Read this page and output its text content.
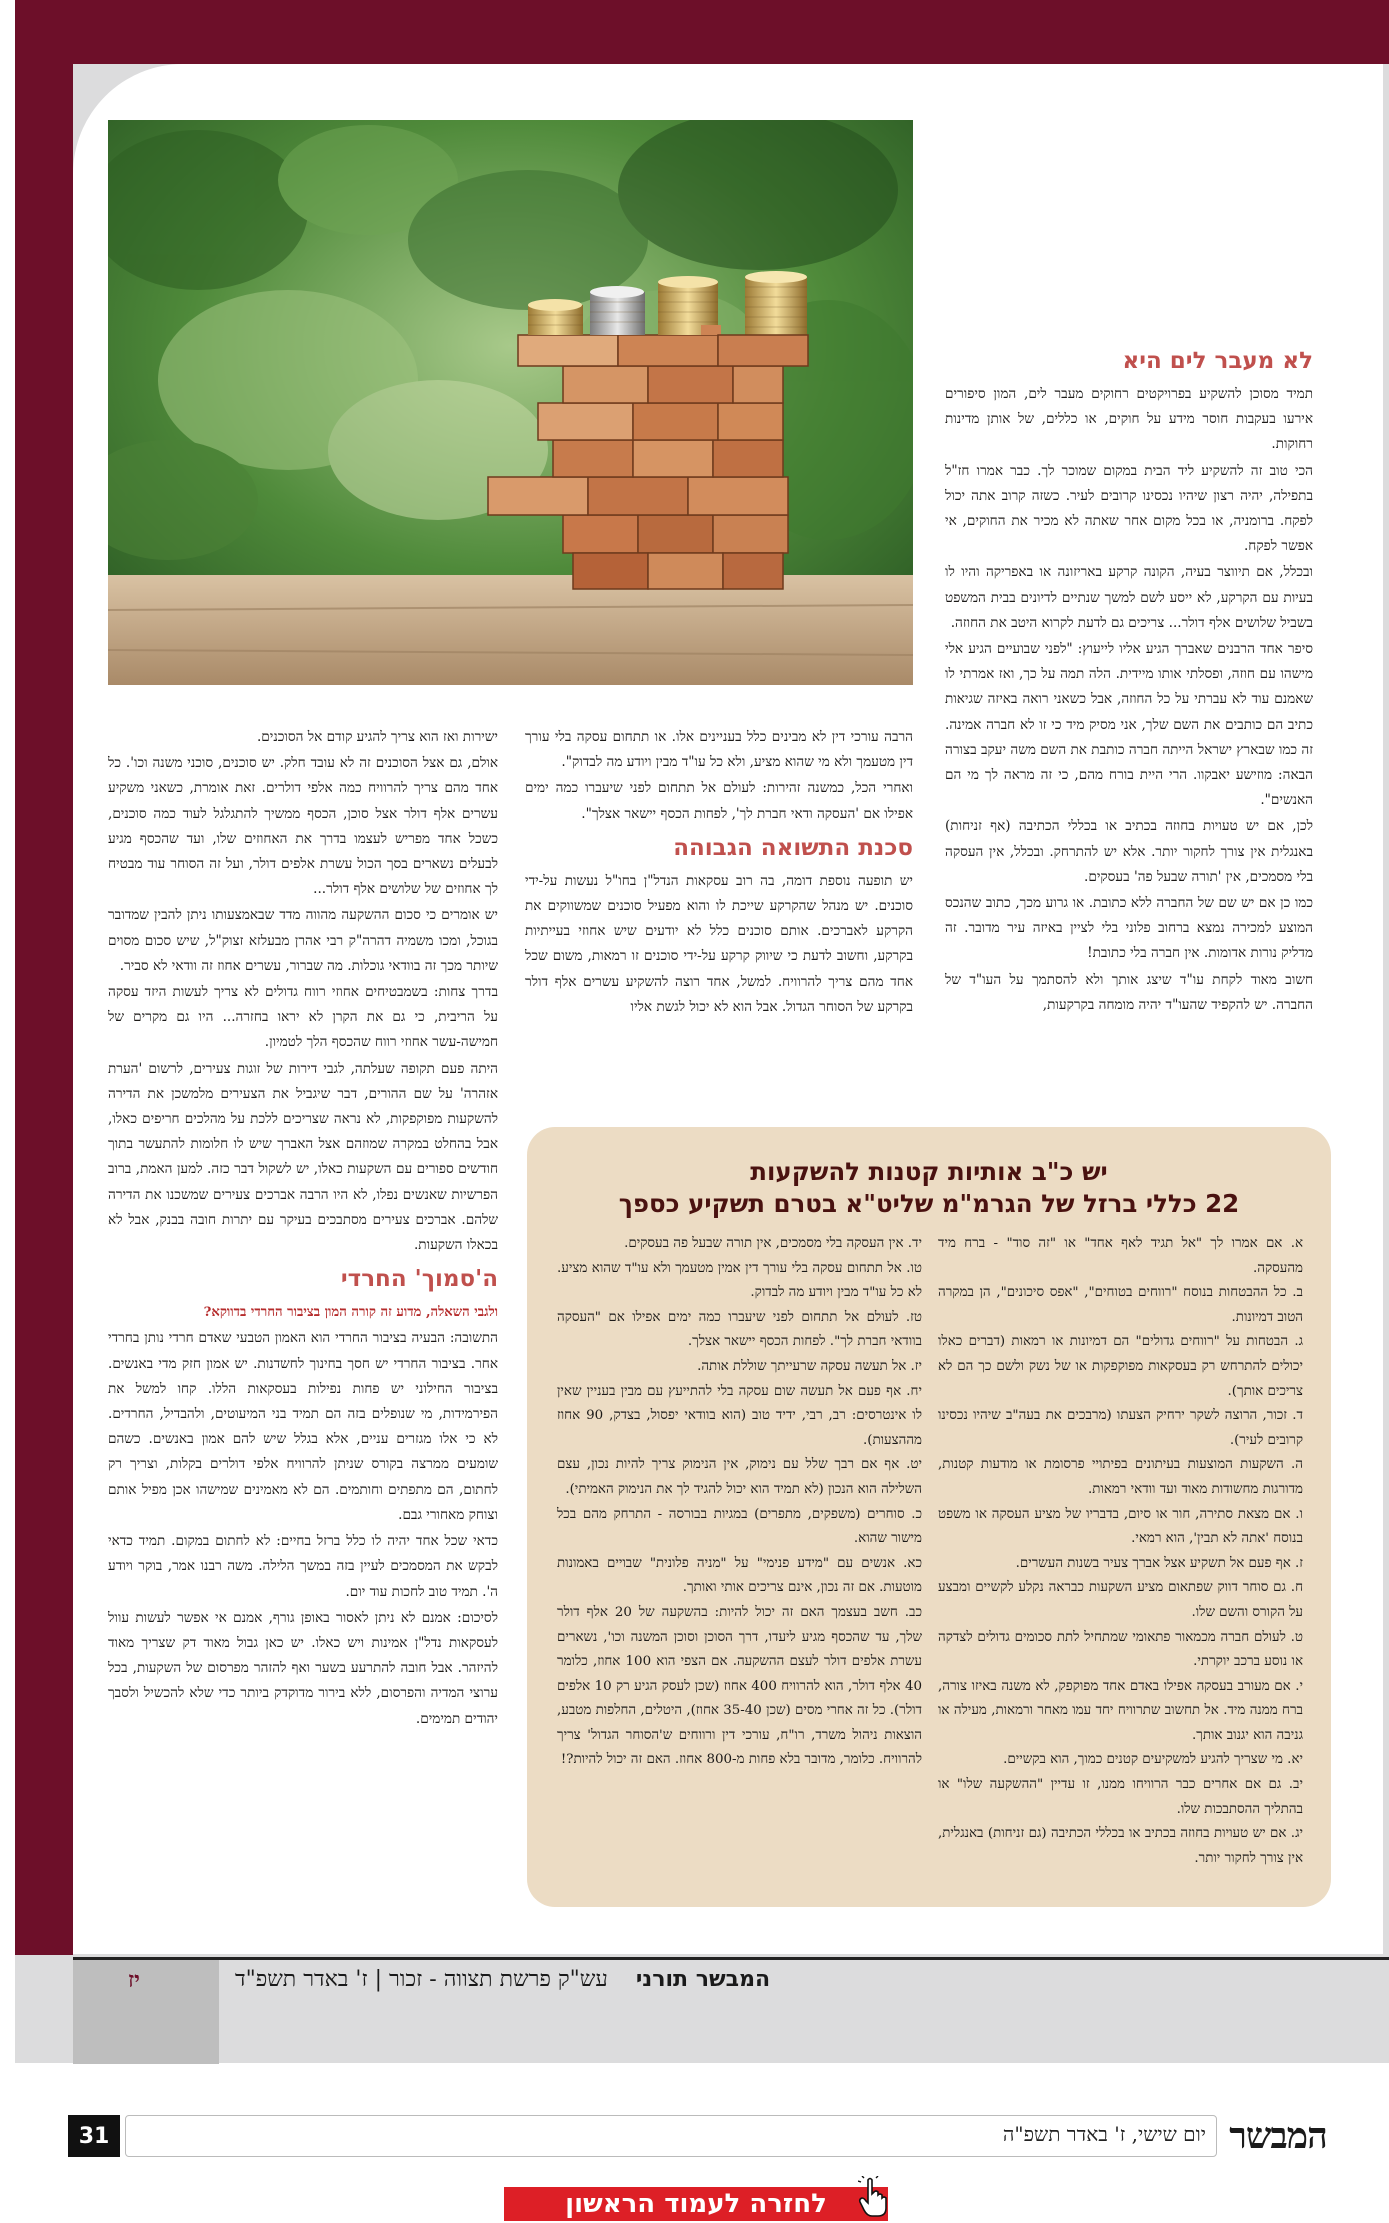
לא מעבר לים היא

תמיד מסוכן להשקיע בפרויקטים רחוקים מעבר לים, המון סיפורים אירעו בעקבות חוסר מידע על חוקים, או כללים, של אותן מדינות רחוקות.

הכי טוב זה להשקיע ליד הבית במקום שמוכר לך. כבר אמרו חז"ל בתפילה, יהיה רצון שיהיו נכסינו קרובים לעיר. כשזה קרוב אתה יכול לפקח. ברומניה, או בכל מקום אחר שאתה לא מכיר את החוקים, אי אפשר לפקח.

ובכלל, אם תיווצר בעיה, הקונה קרקע באריזונה או באפריקה והיו לו בעיות עם הקרקע, לא ייסע לשם למשך שנתיים לדיונים בבית המשפט בשביל שלושים אלף דולר... צריכים גם לדעת לקרוא היטב את החוזה.

סיפר אחד הרבנים שאברך הגיע אליו לייעוץ: "לפני שבועיים הגיע אלי מישהו עם חוזה, ופסלתי אותו מיידית. הלה תמה על כך, ואז אמרתי לו שאמנם עוד לא עברתי על כל החוזה, אבל כשאני רואה באיזה שגיאות כתיב הם כותבים את השם שלך, אני מסיק מיד כי זו לא חברה אמינה. זה כמו שבארץ ישראל הייתה חברה כותבת את השם משה יעקב בצורה הבאה: מוזישע יאבקוו. הרי היית בורח מהם, כי זה מראה לך מי הם האנשים".

לכן, אם יש טעויות בחוזה בכתיב או בכללי הכתיבה (אף זניחות) באנגלית אין צורך לחקור יותר. אלא יש להתרחק. ובכלל, אין העסקה בלי מסמכים, אין 'תורה שבעל פה' בעסקים.

כמו כן אם יש שם של החברה ללא כתובת. או גרוע מכך, כתוב שהנכס המוצע למכירה נמצא ברחוב פלוני בלי לציין באיזה עיר מדובר. זה מדליק נורות אדומות. אין חברה בלי כתובת!

חשוב מאוד לקחת עו"ד שיצג אותך ולא להסתמך על העו"ד של החברה. יש להקפיד שהעו"ד יהיה מומחה בקרקעות,

הרבה עורכי דין לא מבינים כלל בעניינים אלו. או תתחום עסקה בלי עורך דין מטעמך ולא מי שהוא מציע, ולא כל עו"ד מבין ויודע מה לבדוק".

ואחרי הכל, כמשנה זהירות: לעולם אל תתחום לפני שיעברו כמה ימים אפילו אם 'העסקה ודאי חברת לך', לפחות הכסף יישאר אצלך".

סכנת התשואה הגבוהה

יש תופעה נוספת דומה, בה רוב עסקאות הנדל"ן בחו"ל נעשות על-ידי סוכנים. יש מנהל שהקרקע שייכת לו והוא מפעיל סוכנים שמשווקים את הקרקע לאברכים. אותם סוכנים כלל לא יודעים שיש אחוזי בעייתיות בקרקע, וחשוב לדעת כי שיווק קרקע על-ידי סוכנים זו רמאות, משום שכל אחד מהם צריך להרוויח. למשל, אחד רוצה להשקיע עשרים אלף דולר בקרקע של הסוחר הגדול. אבל הוא לא יכול לגשת אליו

ישירות ואז הוא צריך להגיע קודם אל הסוכנים.

אולם, גם אצל הסוכנים זה לא עובד חלק. יש סוכנים, סוכני משנה וכו'. כל אחד מהם צריך להרוויח כמה אלפי דולרים. זאת אומרת, כשאני משקיע עשרים אלף דולר אצל סוכן, הכסף ממשיך להתגלגל לעוד כמה סוכנים, כשכל אחד מפריש לעצמו בדרך את האחוזים שלו, ועד שהכסף מגיע לבעלים נשארים בסך הכול עשרת אלפים דולר, ועל זה הסוחר עוד מבטיח לך אחוזים של שלושים אלף דולר...

יש אומרים כי סכום ההשקעה מהווה מדד שבאמצעותו ניתן להבין שמדובר בגוכל, ומכו משמיה דהרה"ק רבי אהרן מבעלזא זצוק"ל, שיש סכום מסוים שיותר מכך זה בוודאי גוכלות. מה שברור, עשרים אחוז זה וודאי לא סביר.

בדרך צחות: בשמבטיחים אחוזי רווח גדולים לא צריך לעשות היזד עסקה על הריבית, כי גם את הקרן לא יראו בחזרה... היו גם מקרים של חמישה-עשר אחוזי רווח שהכסף הלך לטמיון.

היתה פעם תקופה שעלתה, לגבי דירות של זוגות צעירים, לרשום 'הערת אזהרה' על שם ההורים, דבר שיגביל את הצעירים מלמשכן את הדירה להשקעות מפוקפקות, לא נראה שצריכים ללכת על מהלכים חריפים כאלו, אבל בהחלט במקרה שמוזהם אצל האברך שיש לו חלומות להתעשר בתוך חודשים ספורים עם השקעות כאלו, יש לשקול דבר כזה. למען האמת, ברוב הפרשיות שאנשים נפלו, לא היו הרבה אברכים צעירים שמשכנו את הדירה שלהם. אברכים צעירים מסתבכים בעיקר עם יתרות חובה בבנק, אבל לא בכאלו השקעות.

ה'סמוך' החרדי

ולגבי השאלה, מדוע זה קורה המון בציבור החרדי בדווקא?

התשובה: הבעיה בציבור החרדי הוא האמון הטבעי שאדם חרדי נותן בחרדי אחר. בציבור החרדי יש חסך בחינוך לחשדנות. יש אמון חזק מדי באנשים. בציבור החילוני יש פחות נפילות בעסקאות הללו. קחו למשל את הפירמידות, מי שנופלים בזה הם תמיד בני המיעוטים, ולהבדיל, החרדים. לא כי אלו מגזרים עניים, אלא בגלל שיש להם אמון באנשים. כשהם שומעים ממרצה בקורס שניתן להרוויח אלפי דולרים בקלות, וצריך רק לחתום, הם מתפתים וחותמים. הם לא מאמינים שמישהו אכן מפיל אותם וצוחק מאחורי גבם.

כדאי שכל אחד יהיה לו כלל ברזל בחיים: לא לחתום במקום. תמיד כדאי לבקש את המסמכים לעיין בזה במשך הלילה. משה רבנו אמר, בוקר ויודע ה'. תמיד טוב לחכות עוד יום.

לסיכום: אמנם לא ניתן לאסור באופן גורף, אמנם אי אפשר לעשות עוול לעסקאות נדל"ן אמינות ויש כאלו. יש כאן גבול מאוד דק שצריך מאוד להיזהר. אבל חובה להתרעע בשער ואף להזהר מפרסום של השקעות, בכל ערוצי המדיה והפרסום, ללא בירור מדוקדק ביותר כדי שלא להכשיל ולסבך יהודים תמימים.

יש כ"ב אותיות קטנות להשקעות
22 כללי ברזל של הגרמ"מ שליט"א בטרם תשקיע כספך
א. אם אמרו לך "אל תגיד לאף אחד" או "זה סוד" - ברח מיד מהעסקה.
ב. כל ההבטחות בנוסח "רווחים בטוחים", "אפס סיכונים", הן במקרה הטוב דמיונות.
ג. הבטחות על "רווחים גדולים" הם דמיונות או רמאות (דברים כאלו יכולים להתרחש רק בעסקאות מפוקפקות או של נשק ולשם כך הם לא צריכים אותך).
ד. זכור, הרוצה לשקר ירחיק הצעתו (מרבכים את בעה"ב שיהיו נכסינו קרובים לעיר).
ה. השקעות המוצעות בעיתונים בפיתויי פרסומת או מודעות קטנות, מדורגות מחשודות מאוד ועד וודאי רמאות.
ו. אם מצאת סתירה, חור או סיום, בדבריו של מציע העסקה או משפט בנוסח 'אתה לא תבין', הוא רמאי.
ז. אף פעם אל תשקיע אצל אברך צעיר בשנות העשרים.
ח. גם סוחר דווק שפתאום מציע השקעות כבראה נקלע לקשיים ומבצע על הקורס והשם שלו.
ט. לעולם חברה מכמאור פתאומי שמתחיל לתת סכומים גדולים לצדקה או נוסע ברכב יוקרתי.
י. אם מעורב בעסקה אפילו באדם אחד מפוקפק, לא משנה באיזו צורה, ברח ממנה מיד. אל תחשוב שתרוויח יחד עמו מאחר ורמאות, מעילה או גניבה הוא יגנוב אותך.
יא. מי שצריך להגיע למשקיעים קטנים כמוך, הוא בקשיים.
יב. גם אם אחרים כבר הרוויחו ממנו, זו עדיין "ההשקעה שלו" או בהתליך ההסתבכות שלו.
יג. אם יש טעויות בחוזה בכתיב או בכללי הכתיבה (גם זניחות) באנגלית, אין צורך לחקור יותר.
יד. אין העסקה בלי מסמכים, אין תורה שבעל פה בעסקים.
טו. אל תתחום עסקה בלי עורך דין אמין מטעמך ולא עו"ד שהוא מציע. לא כל עו"ד מבין ויודע מה לבדוק.
טז. לעולם אל תתחום לפני שיעברו כמה ימים אפילו אם "העסקה בוודאי חברת לך". לפחות הכסף יישאר אצלך.
יז. אל תעשה עסקה שרעייתך שוללת אותה.
יח. אף פעם אל תעשה שום עסקה בלי להתייעץ עם מבין בעניין שאין לו אינטרסים: רב, רבי, ידיד טוב (הוא בוודאי יפסול, בצדק, 90 אחוז מההצעות).
יט. אף אם רבך שלל עם נימוק, אין הנימוק צריך להיות נכון, עצם השלילה הוא הנכון (לא תמיד הוא יכול להגיד לך את הנימוק האמיתי).
כ. סוחרים (משפקים, מתפרים) במגיות בבורסה - התרחק מהם בכל מישור שהוא.
כא. אנשים עם "מידע פנימי" על "מניה פלונית" שבויים באמונות מוטעות. אם זה נכון, אינם צריכים אותי ואותך.
כב. חשב בעצמך האם זה יכול להיות: בהשקעה של 20 אלף דולר שלך, עד שהכסף מגיע ליעדו, דרך הסוכן וסוכן המשנה וכו', נשארים עשרת אלפים דולר לעצם ההשקעה. אם הצפי הוא 100 אחוז, כלומר 40 אלף דולר, הוא להרוויח 400 אחוז (שכן לעסק הגיע רק 10 אלפים דולר). כל זה אחרי מסים (שכן 35-40 אחוז), היטלים, החלפות מטבע, הוצאות ניהול משרד, רו"ח, עורכי דין ורווחים ש'הסוחר הגדול' צריך להרוויח. כלומר, מדובר בלא פחות מ-800 אחוז. האם זה יכול להיות?!
יז	המבשר תורני    עש"ק פרשת תצווה - זכור | ז' באדר תשפ"ד
31	יום שישי, ז' באדר תשפ"ה המבשר
לחזרה לעמוד הראשון
